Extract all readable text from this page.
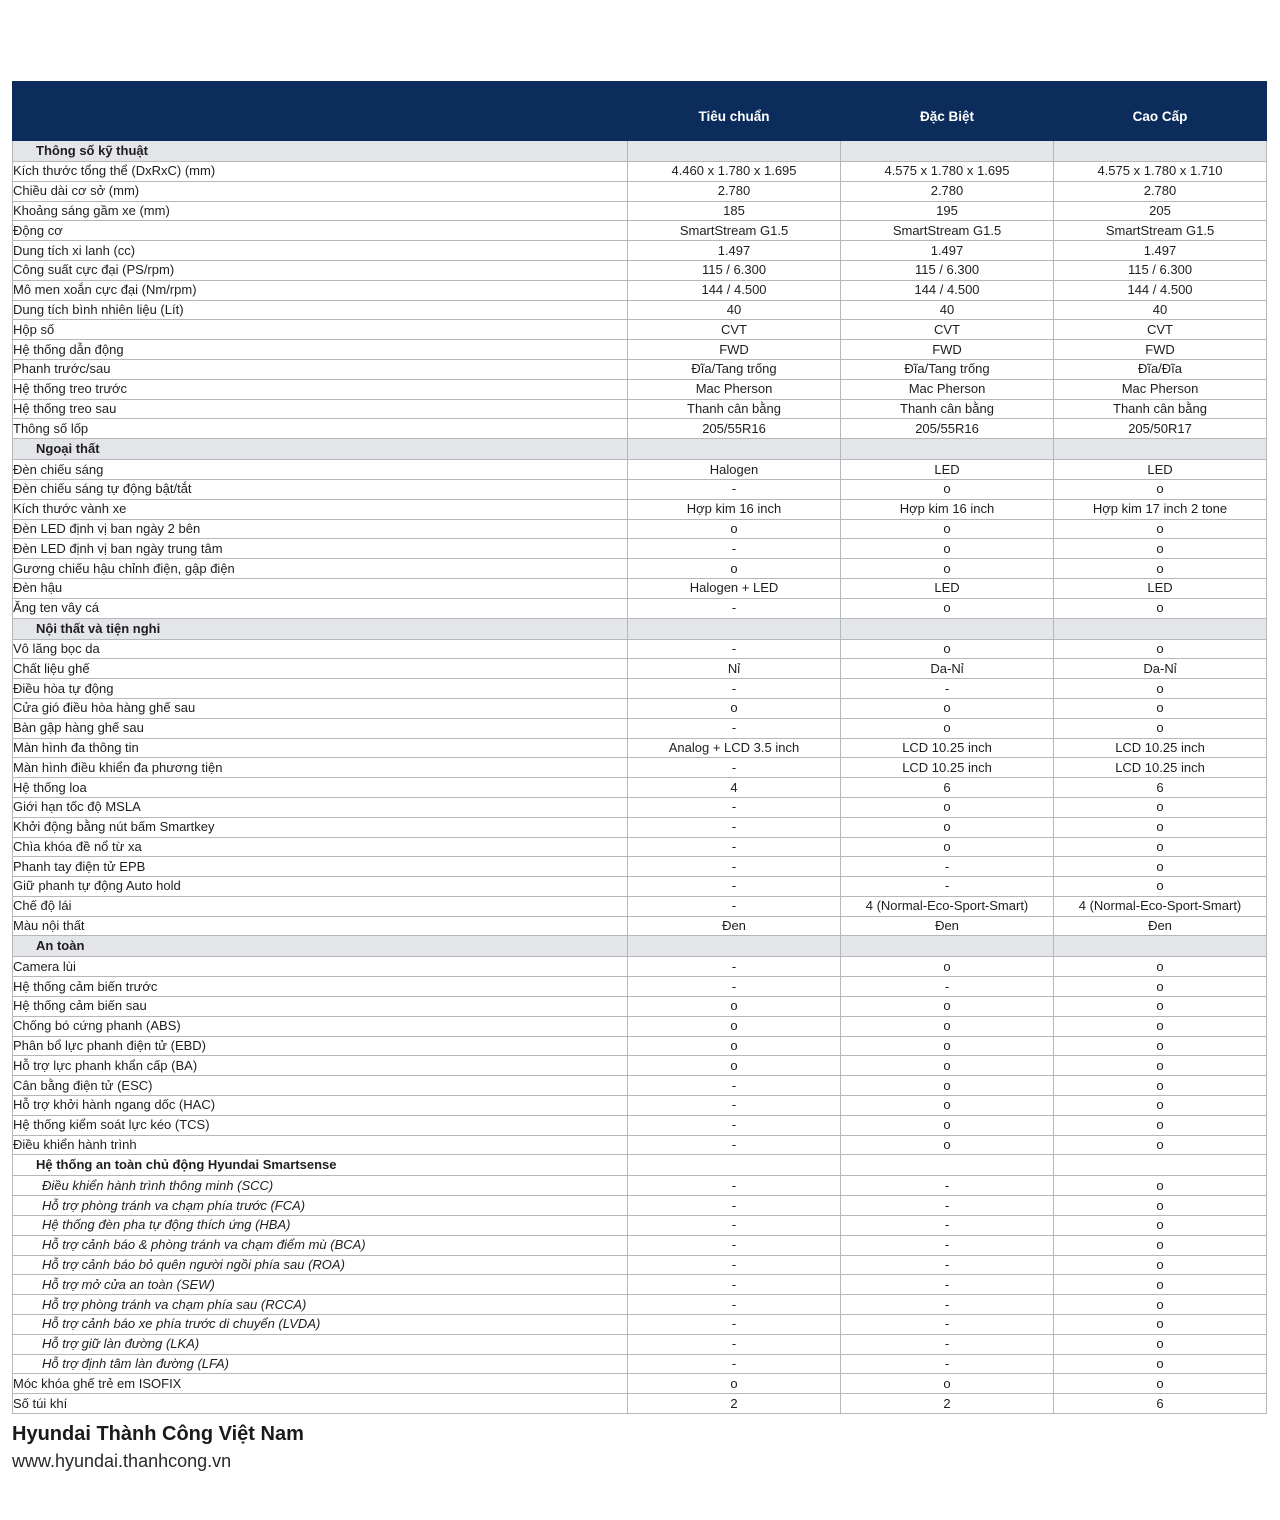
	Tiêu chuẩn	Đặc Biệt	Cao Cấp
Thông số kỹ thuật			
Kích thước tổng thể (DxRxC) (mm)	4.460 x 1.780 x 1.695	4.575 x 1.780 x 1.695	4.575 x 1.780 x 1.710
Chiều dài cơ sở (mm)	2.780	2.780	2.780
Khoảng sáng gầm xe (mm)	185	195	205
Động cơ	SmartStream G1.5	SmartStream G1.5	SmartStream G1.5
Dung tích xi lanh (cc)	1.497	1.497	1.497
Công suất cực đại (PS/rpm)	115 / 6.300	115 / 6.300	115 / 6.300
Mô men xoắn cực đại (Nm/rpm)	144 / 4.500	144 / 4.500	144 / 4.500
Dung tích bình nhiên liệu (Lít)	40	40	40
Hộp số	CVT	CVT	CVT
Hệ thống dẫn động	FWD	FWD	FWD
Phanh trước/sau	Đĩa/Tang trống	Đĩa/Tang trống	Đĩa/Đĩa
Hệ thống treo trước	Mac Pherson	Mac Pherson	Mac Pherson
Hệ thống treo sau	Thanh cân bằng	Thanh cân bằng	Thanh cân bằng
Thông số lốp	205/55R16	205/55R16	205/50R17
Ngoại thất			
Đèn chiếu sáng	Halogen	LED	LED
Đèn chiếu sáng tự động bật/tắt	-	o	o
Kích thước vành xe	Hợp kim 16 inch	Hợp kim 16 inch	Hợp kim 17 inch 2 tone
Đèn LED định vị ban ngày 2 bên	o	o	o
Đèn LED định vị ban ngày trung tâm	-	o	o
Gương chiếu hậu chỉnh điện, gập điện	o	o	o
Đèn hậu	Halogen + LED	LED	LED
Ăng ten vây cá	-	o	o
Nội thất và tiện nghi			
Vô lăng bọc da	-	o	o
Chất liệu ghế	Nỉ	Da-Nỉ	Da-Nỉ
Điều hòa tự động	-	-	o
Cửa gió điều hòa hàng ghế sau	o	o	o
Bàn gập hàng ghế sau	-	o	o
Màn hình đa thông tin	Analog + LCD 3.5 inch	LCD 10.25 inch	LCD 10.25 inch
Màn hình điều khiển đa phương tiện	-	LCD 10.25 inch	LCD 10.25 inch
Hệ thống loa	4	6	6
Giới hạn tốc độ MSLA	-	o	o
Khởi động bằng nút bấm Smartkey	-	o	o
Chìa khóa đề nổ từ xa	-	o	o
Phanh tay điện tử EPB	-	-	o
Giữ phanh tự động Auto hold	-	-	o
Chế độ lái	-	4 (Normal-Eco-Sport-Smart)	4 (Normal-Eco-Sport-Smart)
Màu nội thất	Đen	Đen	Đen
An toàn			
Camera lùi	-	o	o
Hệ thống cảm biến trước	-	-	o
Hệ thống cảm biến sau	o	o	o
Chống bó cứng phanh (ABS)	o	o	o
Phân bổ lực phanh điện tử (EBD)	o	o	o
Hỗ trợ lực phanh khẩn cấp (BA)	o	o	o
Cân bằng điện tử (ESC)	-	o	o
Hỗ trợ khởi hành ngang dốc (HAC)	-	o	o
Hệ thống kiểm soát lực kéo (TCS)	-	o	o
Điều khiển hành trình	-	o	o
Hệ thống an toàn chủ động Hyundai Smartsense			
Điều khiển hành trình thông minh (SCC)	-	-	o
Hỗ trợ phòng tránh va chạm phía trước (FCA)	-	-	o
Hệ thống đèn pha tự động thích ứng (HBA)	-	-	o
Hỗ trợ cảnh báo & phòng tránh va chạm điểm mù (BCA)	-	-	o
Hỗ trợ cảnh báo bỏ quên người ngồi phía sau (ROA)	-	-	o
Hỗ trợ mở cửa an toàn (SEW)	-	-	o
Hỗ trợ phòng tránh va chạm phía sau (RCCA)	-	-	o
Hỗ trợ cảnh báo xe phía trước di chuyển (LVDA)	-	-	o
Hỗ trợ giữ làn đường (LKA)	-	-	o
Hỗ trợ định tâm làn đường (LFA)	-	-	o
Móc khóa ghế trẻ em ISOFIX	o	o	o
Số túi khí	2	2	6
Hyundai Thành Công Việt Nam
www.hyundai.thanhcong.vn
